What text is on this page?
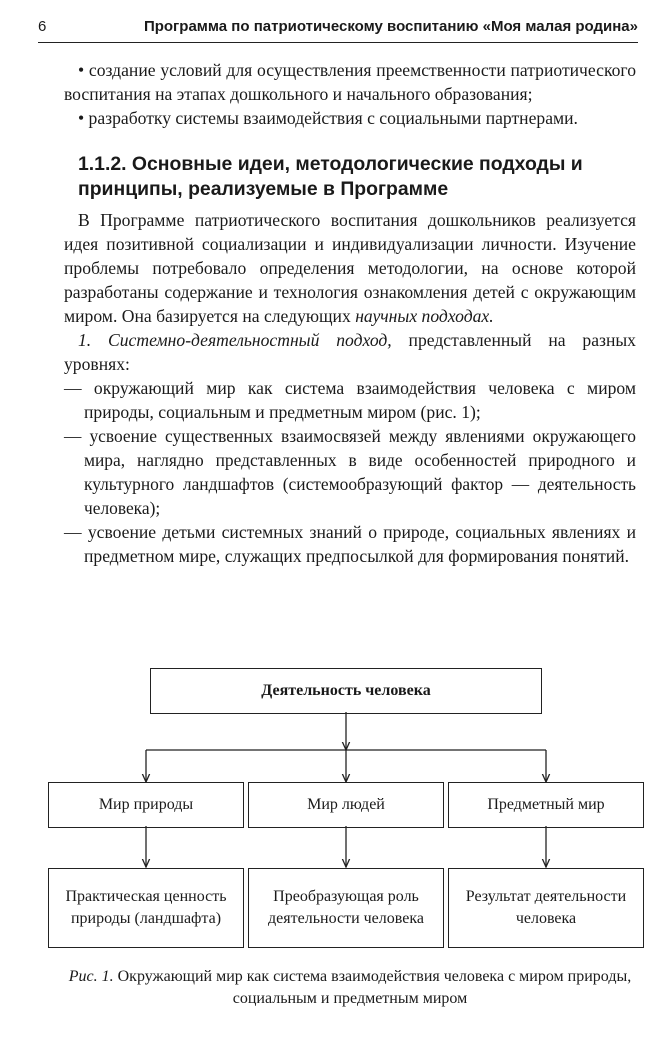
6	Программа по патриотическому воспитанию «Моя малая родина»

• создание условий для осуществления преемственности патриотического воспитания на этапах дошкольного и начального образования;

• разработку системы взаимодействия с социальными партнерами.

1.1.2. Основные идеи, методологические подходы и принципы, реализуемые в Программе

В Программе патриотического воспитания дошкольников реализуется идея позитивной социализации и индивидуализации личности. Изучение проблемы потребовало определения методологии, на основе которой разработаны содержание и технология ознакомления детей с окружающим миром. Она базируется на следующих научных подходах.

1. Системно-деятельностный подход, представленный на разных уровнях:

— окружающий мир как система взаимодействия человека с миром природы, социальным и предметным миром (рис. 1);

— усвоение существенных взаимосвязей между явлениями окружающего мира, наглядно представленных в виде особенностей природного и культурного ландшафтов (системообразующий фактор — деятельность человека);

— усвоение детьми системных знаний о природе, социальных явлениях и предметном мире, служащих предпосылкой для формирования понятий.

Деятельность человека
Мир природы	Мир людей	Предметный мир
Практическая ценность природы (ландшафта)
Преобразующая роль деятельности человека
Результат деятельности человека
Рис. 1. Окружающий мир как система взаимодействия человека с миром природы, социальным и предметным миром
